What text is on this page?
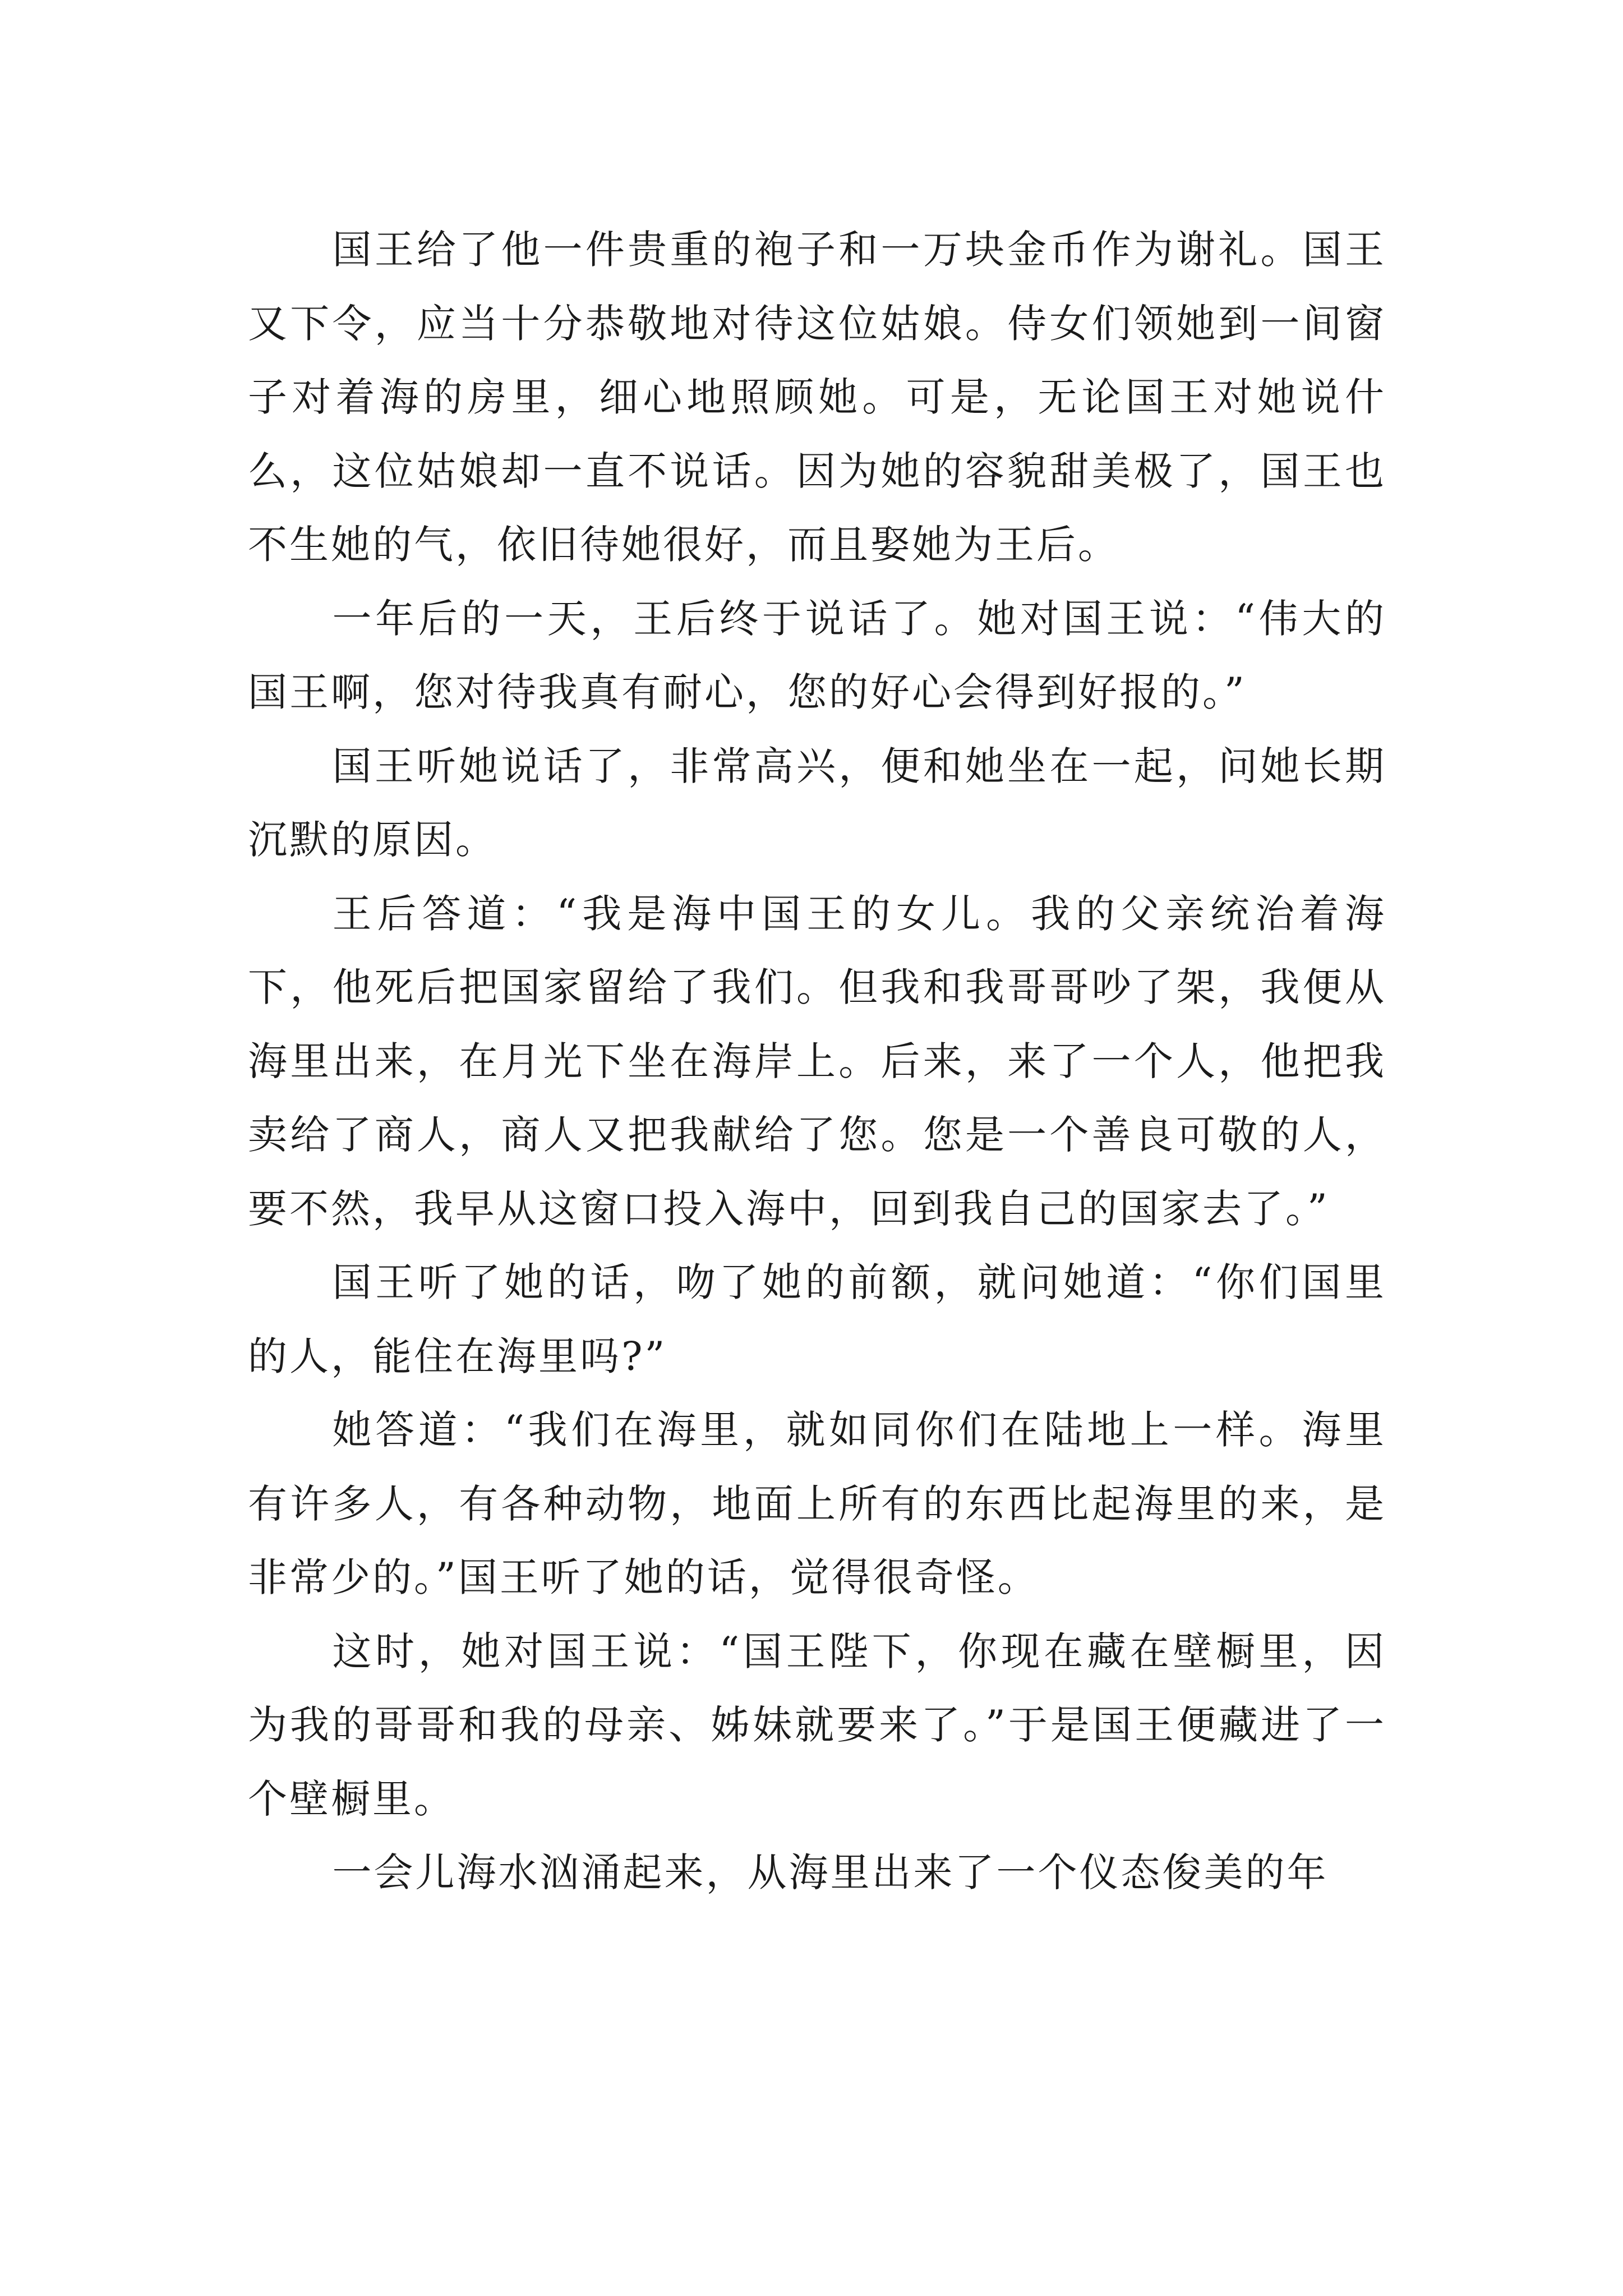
国王给了他一件贵重的袍子和一万块金币作为谢礼。国王又下令，应当十分恭敬地对待这位姑娘。侍女们领她到一间窗子对着海的房里，细心地照顾她。可是，无论国王对她说什么，这位姑娘却一直不说话。因为她的容貌甜美极了，国王也不生她的气，依旧待她很好，而且娶她为王后。

一年后的一天，王后终于说话了。她对国王说：“伟大的国王啊，您对待我真有耐心，您的好心会得到好报的。”

国王听她说话了，非常高兴，便和她坐在一起，问她长期沉默的原因。

王后答道：“我是海中国王的女儿。我的父亲统治着海下，他死后把国家留给了我们。但我和我哥哥吵了架，我便从海里出来，在月光下坐在海岸上。后来，来了一个人，他把我卖给了商人，商人又把我献给了您。您是一个善良可敬的人，要不然，我早从这窗口投入海中，回到我自己的国家去了。”

国王听了她的话，吻了她的前额，就问她道：“你们国里的人，能住在海里吗?”

她答道：“我们在海里，就如同你们在陆地上一样。海里有许多人，有各种动物，地面上所有的东西比起海里的来，是非常少的。”国王听了她的话，觉得很奇怪。

这时，她对国王说：“国王陛下，你现在藏在壁橱里，因为我的哥哥和我的母亲、姊妹就要来了。”于是国王便藏进了一个壁橱里。

一会儿海水汹涌起来，从海里出来了一个仪态俊美的年
